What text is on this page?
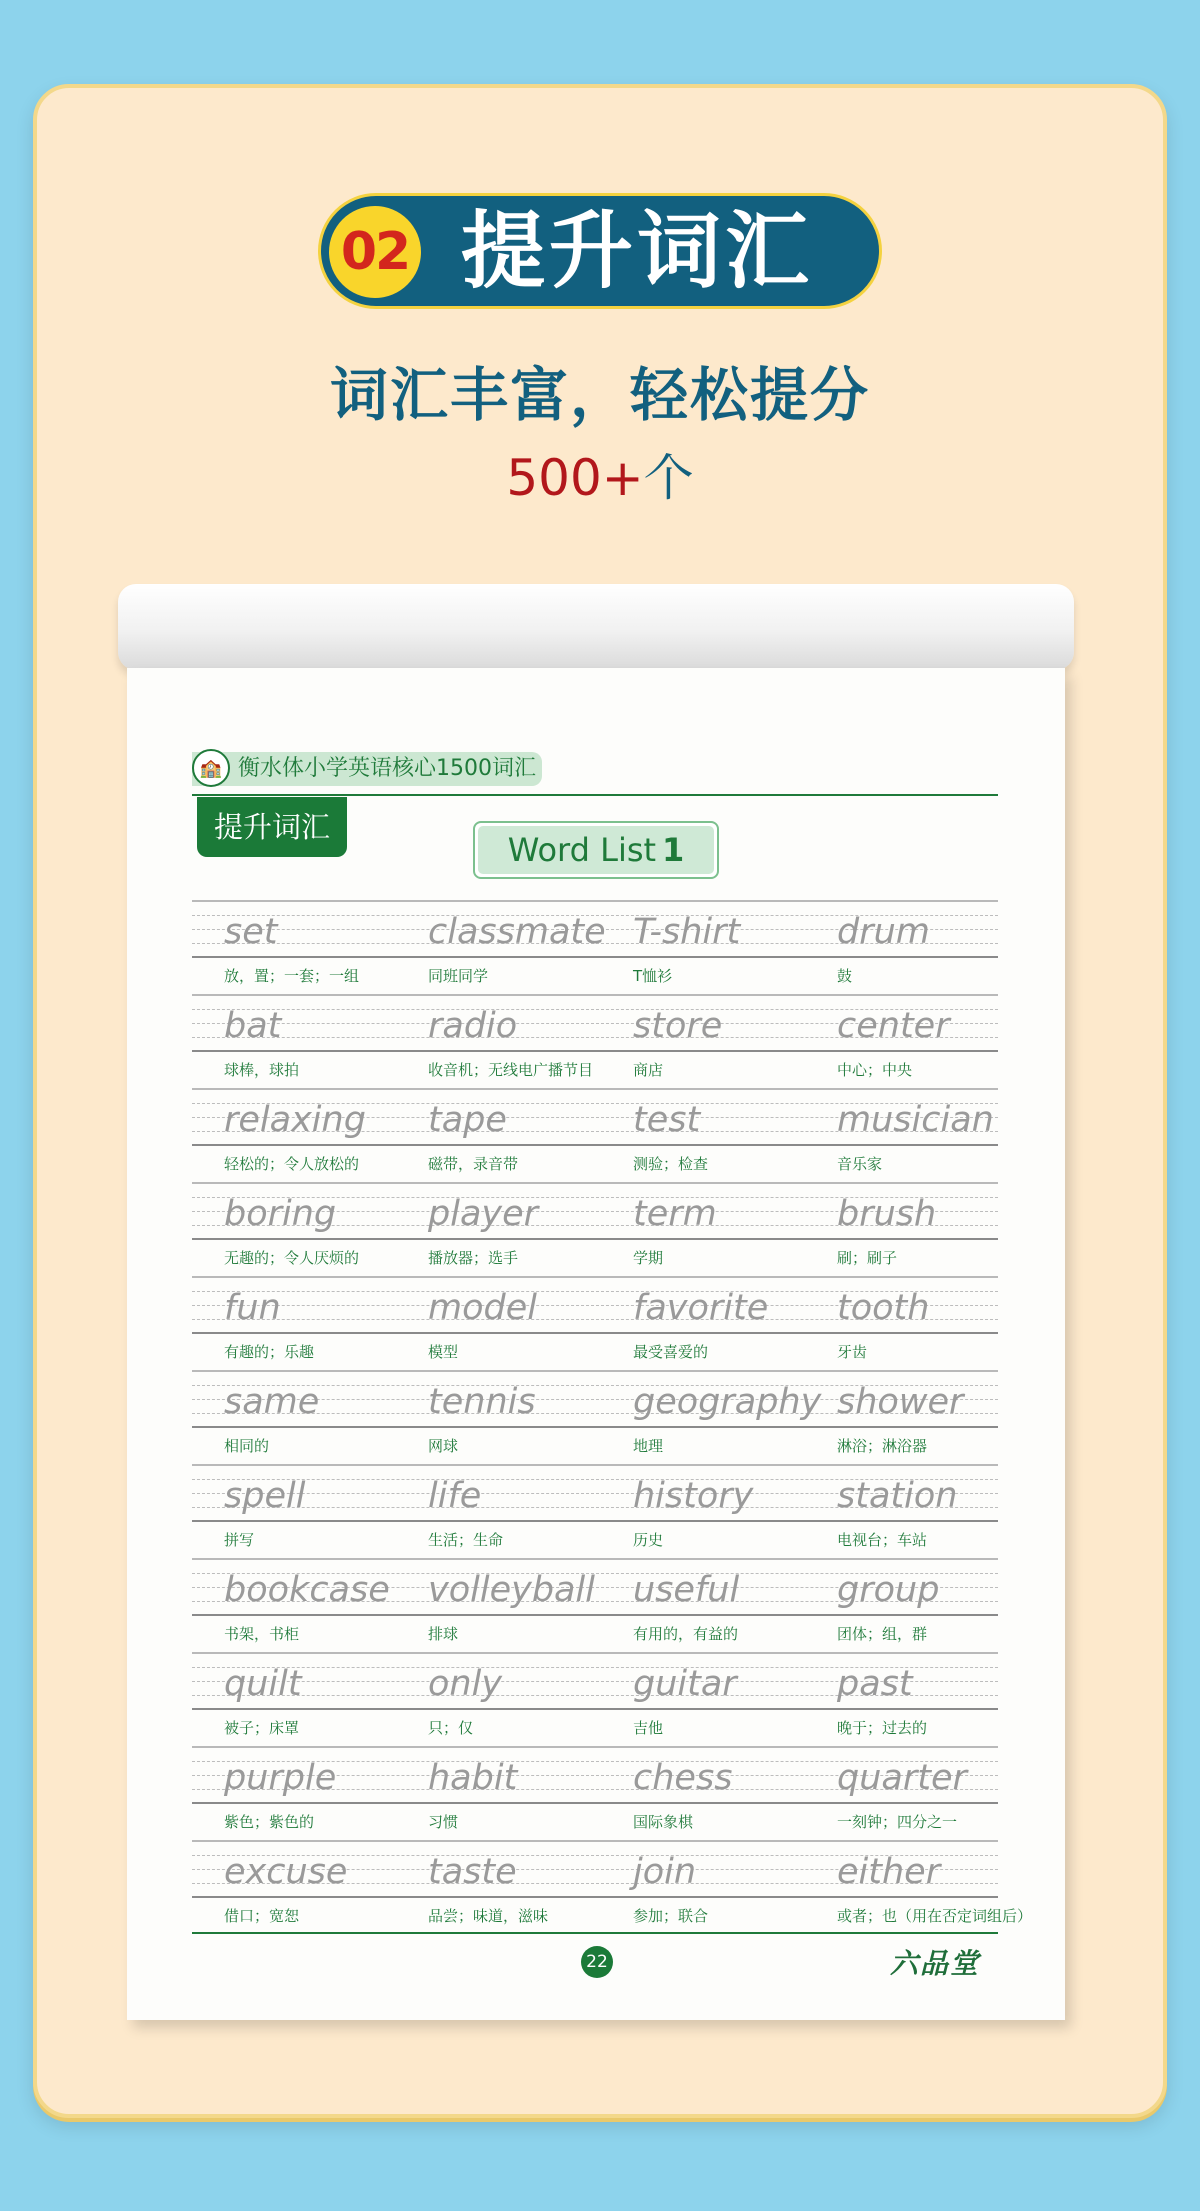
02 提升词汇
词汇丰富，轻松提分
500+个
衡水体小学英语核心1500词汇
🏫
提升词汇
Word List 1
set
放，置；一套；一组
classmate
同班同学
T-shirt
T恤衫
drum
鼓
bat
球棒，球拍
radio
收音机；无线电广播节目
store
商店
center
中心；中央
relaxing
轻松的；令人放松的
tape
磁带，录音带
test
测验；检查
musician
音乐家
boring
无趣的；令人厌烦的
player
播放器；选手
term
学期
brush
刷；刷子
fun
有趣的；乐趣
model
模型
favorite
最受喜爱的
tooth
牙齿
same
相同的
tennis
网球
geography
地理
shower
淋浴；淋浴器
spell
拼写
life
生活；生命
history
历史
station
电视台；车站
bookcase
书架，书柜
volleyball
排球
useful
有用的，有益的
group
团体；组，群
quilt
被子；床罩
only
只；仅
guitar
吉他
past
晚于；过去的
purple
紫色；紫色的
habit
习惯
chess
国际象棋
quarter
一刻钟；四分之一
excuse
借口；宽恕
taste
品尝；味道，滋味
join
参加；联合
either
或者；也（用在否定词组后）
22	六品堂
